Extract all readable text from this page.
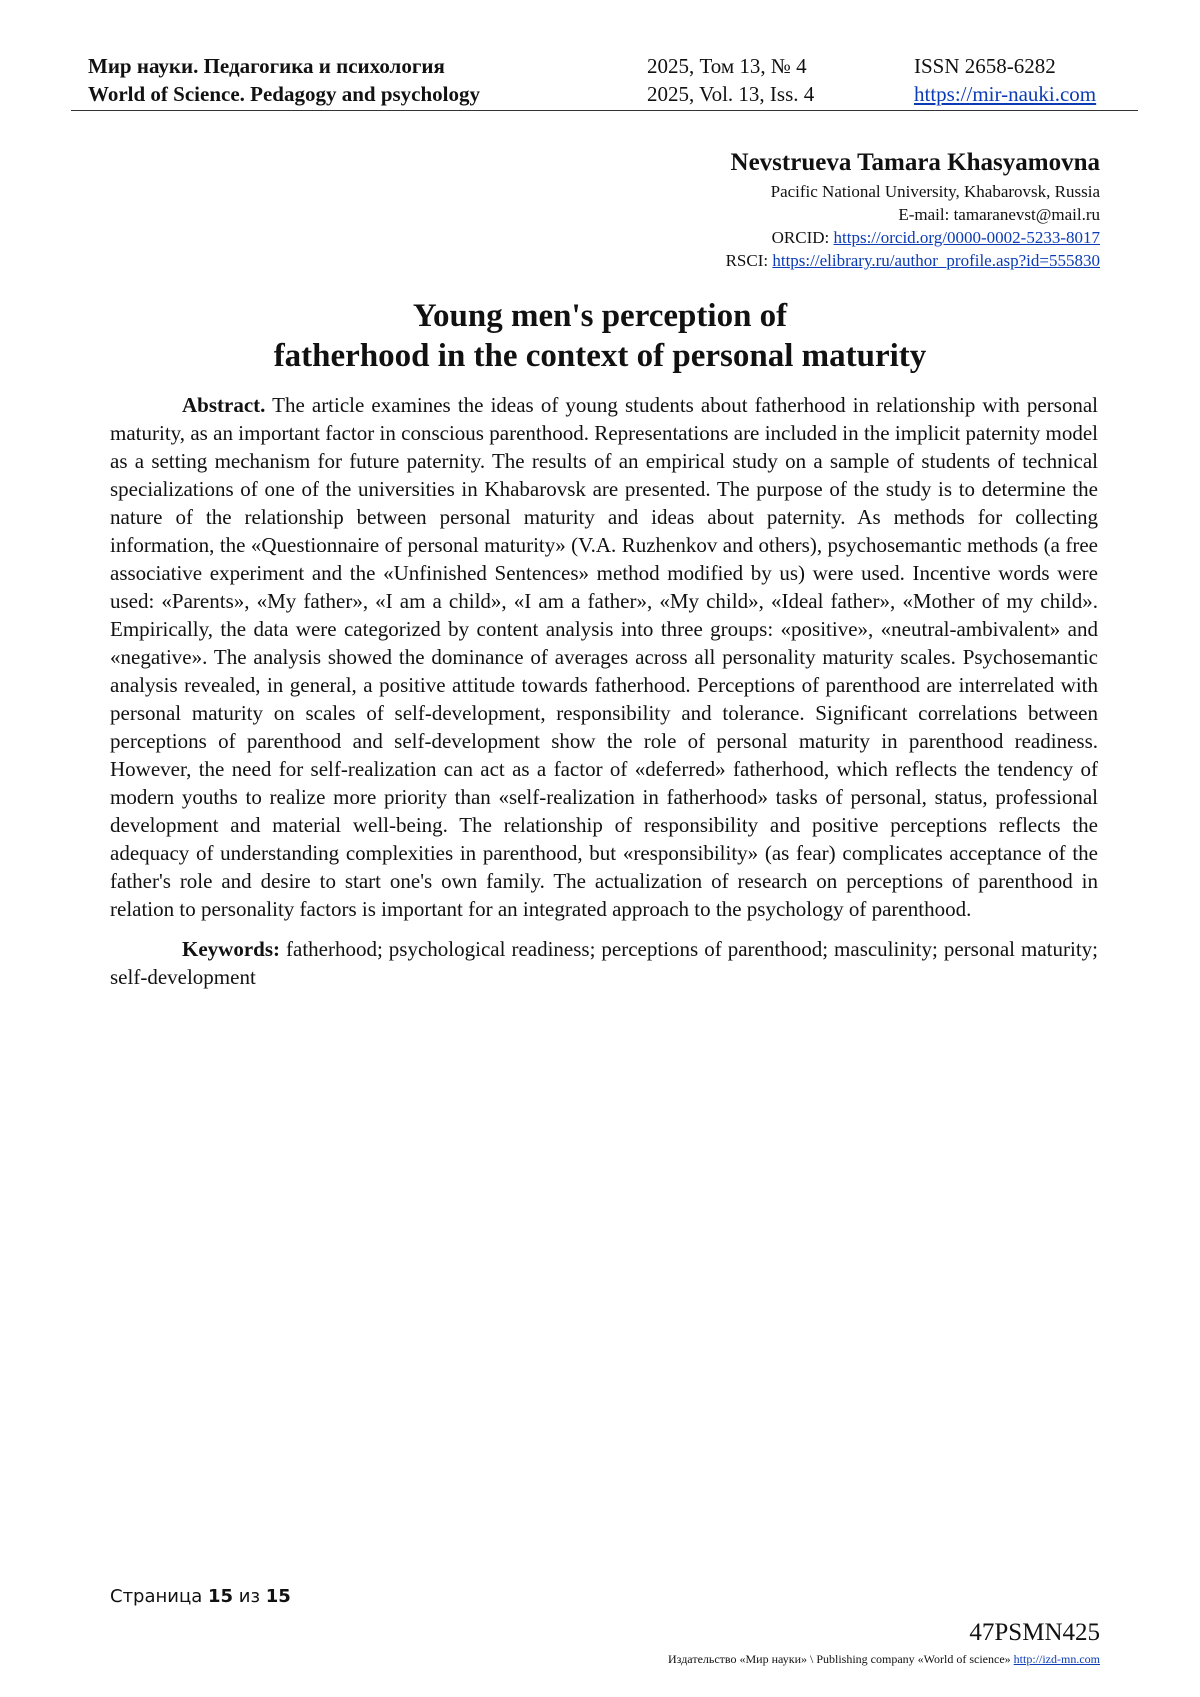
Мир науки. Педагогика и психология
World of Science. Pedagogy and psychology
2025, Том 13, № 4
2025, Vol. 13, Iss. 4
ISSN 2658-6282
https://mir-nauki.com
Nevstrueva Tamara Khasyamovna
Pacific National University, Khabarovsk, Russia
E-mail: tamaranevst@mail.ru
ORCID: https://orcid.org/0000-0002-5233-8017
RSCI: https://elibrary.ru/author_profile.asp?id=555830
Young men's perception of
fatherhood in the context of personal maturity

Abstract. The article examines the ideas of young students about fatherhood in relationship with personal maturity, as an important factor in conscious parenthood. Representations are included in the implicit paternity model as a setting mechanism for future paternity. The results of an empirical study on a sample of students of technical specializations of one of the universities in Khabarovsk are presented. The purpose of the study is to determine the nature of the relationship between personal maturity and ideas about paternity. As methods for collecting information, the «Questionnaire of personal maturity» (V.A. Ruzhenkov and others), psychosemantic methods (a free associative experiment and the «Unfinished Sentences» method modified by us) were used. Incentive words were used: «Parents», «My father», «I am a child», «I am a father», «My child», «Ideal father», «Mother of my child». Empirically, the data were categorized by content analysis into three groups: «positive», «neutral-ambivalent» and «negative». The analysis showed the dominance of averages across all personality maturity scales. Psychosemantic analysis revealed, in general, a positive attitude towards fatherhood. Perceptions of parenthood are interrelated with personal maturity on scales of self-development, responsibility and tolerance. Significant correlations between perceptions of parenthood and self-development show the role of personal maturity in parenthood readiness. However, the need for self-realization can act as a factor of «deferred» fatherhood, which reflects the tendency of modern youths to realize more priority than «self-realization in fatherhood» tasks of personal, status, professional development and material well-being. The relationship of responsibility and positive perceptions reflects the adequacy of understanding complexities in parenthood, but «responsibility» (as fear) complicates acceptance of the father's role and desire to start one's own family. The actualization of research on perceptions of parenthood in relation to personality factors is important for an integrated approach to the psychology of parenthood.

Keywords: fatherhood; psychological readiness; perceptions of parenthood; masculinity; personal maturity; self-development

Страница 15 из 15
47PSMN425
Издательство «Мир науки» \ Publishing company «World of science» http://izd-mn.com
